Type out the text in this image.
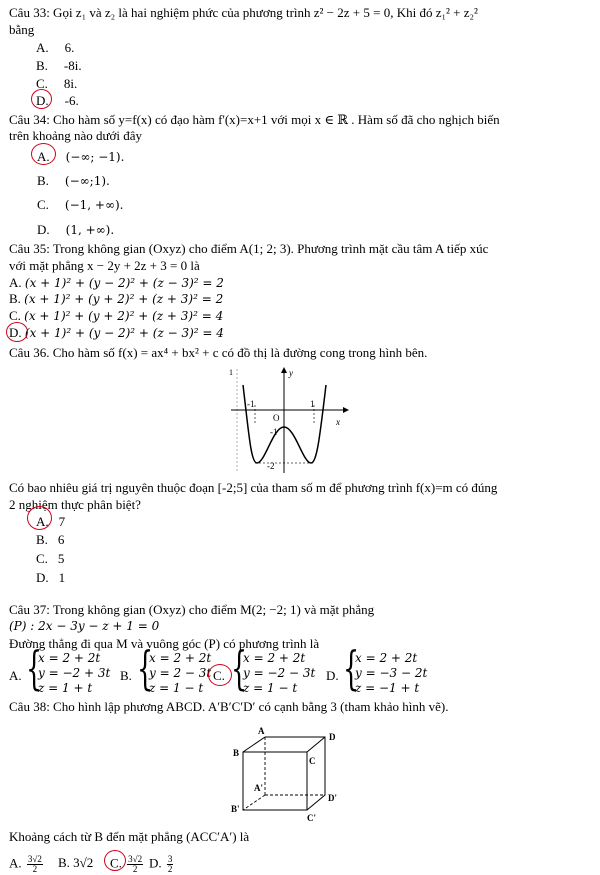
Câu 33: Gọi z₁ và z₂ là hai nghiệm phức của phương trình z² − 2z + 5 = 0, Khi đó z₁² + z₂²
bằng
A. 6.
B. -8i.
C. 8i.
D. -6.
Câu 34: Cho hàm số y=f(x) có đạo hàm f'(x)=x+1 với mọi x ∈ ℝ . Hàm số đã cho nghịch biến
trên khoảng nào dưới đây
A. (−∞; −1).
B. (−∞;1).
C. (−1, +∞).
D. (1, +∞).
Câu 35: Trong không gian (Oxyz) cho điểm A(1; 2; 3). Phương trình mặt cầu tâm A tiếp xúc
với mặt phẳng x − 2y + 2z + 3 = 0 là
A. (x + 1)² + (y − 2)² + (z − 3)² = 2
B. (x + 1)² + (y + 2)² + (z + 3)² = 2
C. (x + 1)² + (y + 2)² + (z + 3)² = 4
D. (x + 1)² + (y − 2)² + (z − 3)² = 4
Câu 36. Cho hàm số f(x) = ax⁴ + bx² + c có đồ thị là đường cong trong hình bên.
y
x
O
-1	1
-1
-2
1
Có bao nhiêu giá trị nguyên thuộc đoạn [-2;5] của tham số m để phương trình f(x)=m có đúng
2 nghiệm thực phân biệt?
A. 7
B. 6
C. 5
D. 1
Câu 37: Trong không gian (Oxyz) cho điểm M(2; −2; 1) và mặt phẳng
(P) : 2x − 3y − z + 1 = 0
Đường thẳng đi qua M và vuông góc (P) có phương trình là
A. {
x = 2 + 2t
y = −2 + 3t
z = 1 + t
B. {
x = 2 + 2t
y = 2 − 3t
z = 1 − t
C. {
x = 2 + 2t
y = −2 − 3t
z = 1 − t
D. {
x = 2 + 2t
y = −3 − 2t
z = −1 + t
Câu 38: Cho hình lập phương ABCD. A′B′C′D′ có cạnh bằng 3 (tham khảo hình vẽ).
A
D
B
C
A'
D'
B'
C'
Khoảng cách từ B đến mặt phẳng (ACC′A′) là
A. $\frac{3√2}{2} B$. 3√2 C. $\frac{3√2}{2} D$. $\frac{3}{2}$
